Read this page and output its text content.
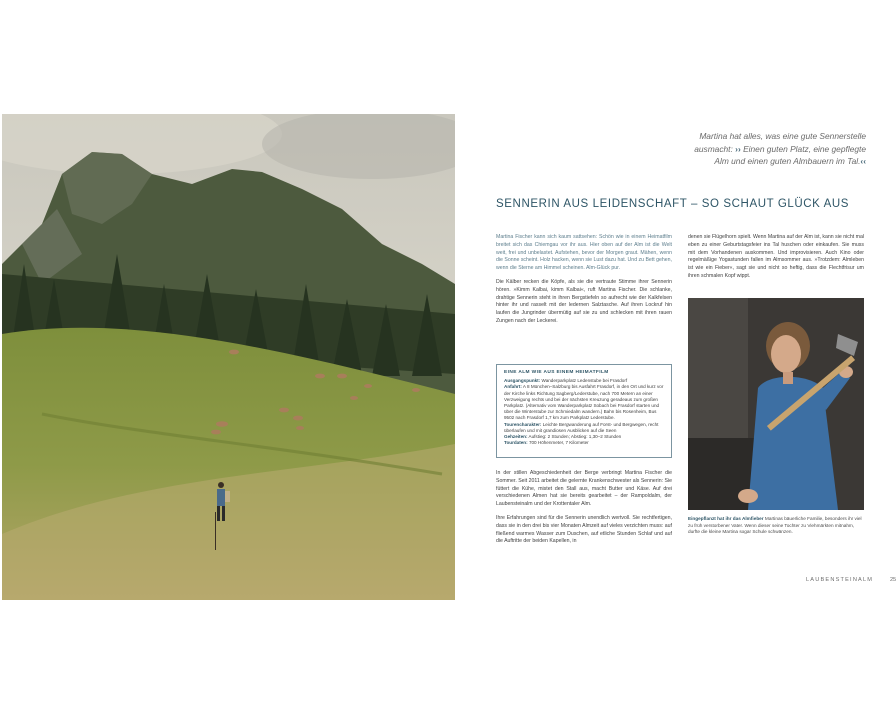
Martina hat alles, was eine gute Sennerstelle
ausmacht: ›› Einen guten Platz, eine gepflegte
Alm und einen guten Almbauern im Tal.‹‹
SENNERIN AUS LEIDENSCHAFT – SO SCHAUT GLÜCK AUS

Martina Fischer kann sich kaum sattsehen: Schön wie in einem Heimatfilm breitet sich das Chiemgau vor ihr aus. Hier oben auf der Alm ist die Welt weit, frei und unbelastet. Aufstehen, bevor der Morgen graut. Mähen, wenn die Sonne scheint. Holz hacken, wenn sie Lust dazu hat. Und zu Bett gehen, wenn die Sterne am Himmel scheinen. Alm-Glück pur.

Die Kälber recken die Köpfe, als sie die vertraute Stimme ihrer Sennerin hören. »Kimm Kalbai, kimm Kalbai«, ruft Martina Fischer. Die schlanke, drahtige Sennerin steht in ihren Bergstiefeln so aufrecht wie der Kalkfelsen hinter ihr und rasselt mit der ledernen Salztasche. Auf ihren Lockruf hin laufen die Jungrinder übermütig auf sie zu und schlecken mit ihren rauen Zungen nach der Leckerei.

EINE ALM WIE AUS EINEM HEIMATFILM
Ausgangspunkt: Wanderparkplatz Ledenstube bei Frasdorf
Anfahrt: A 8 München–Salzburg bis Ausfahrt Frasdorf, in den Ort und kurz vor der Kirche links Richtung Sagberg/Lederstube, nach 700 Metern an einer Verzweigung rechts und bei der nächsten Kreuzung geradeaus zum großen Parkplatz. (Alternativ vom Wanderparkplatz Sobach bei Frasdorf starten und über die Winterstube zur Schmiedalm wandern.) Bahn bis Rosenheim, Bus 9502 nach Frasdorf 1,7 km zum Parkplatz Lederstube.
Tourencharakter: Leichte Bergwanderung auf Forst- und Bergwegen, recht überlaufen und mit grandiosen Ausblicken auf die Seen
Gehzeiten: Aufstieg: 2 Stunden; Abstieg: 1,30–2 Stunden
Tourdaten: 700 Höhenmeter, 7 Kilometer

In der stillen Abgeschiedenheit der Berge verbringt Martina Fischer die Sommer. Seit 2011 arbeitet die gelernte Krankenschwester als Sennerin: Sie füttert die Kühe, mistet den Stall aus, macht Butter und Käse. Auf drei verschiedenen Almen hat sie bereits gearbeitet – der Rampoldalm, der Laubensteinalm und der Krottentaler Alm.

Ihre Erfahrungen sind für die Sennerin unendlich wertvoll. Sie rechtfertigen, dass sie in den drei bis vier Monaten Almzeit auf vieles verzichten muss: auf fließend warmes Wasser zum Duschen, auf etliche Stunden Schlaf und auf die Auftritte der beiden Kapellen, in

denen sie Flügelhorn spielt. Wenn Martina auf der Alm ist, kann sie nicht mal eben zu einer Geburtstagsfeier ins Tal huschen oder einkaufen. Sie muss mit dem Vorhandenen auskommen. Und improvisieren. Auch Kino oder regelmäßige Yogastunden fallen im Almsommer aus. »Trotzdem: Almleben ist wie ein Fieber«, sagt sie und nicht so heftig, dass die Flechtfrisur um ihren schmalen Kopf wippt.

Eingepflanzt hat ihr das Almfieber Martinas bäuerliche Familie, besonders ihr viel zu früh verstorbener Vater. Wenn dieser seine Tochter zu Viehmärkten mitnahm, durfte die kleine Martina sogar Schule schwänzen.
LAUBENSTEINALM	25
